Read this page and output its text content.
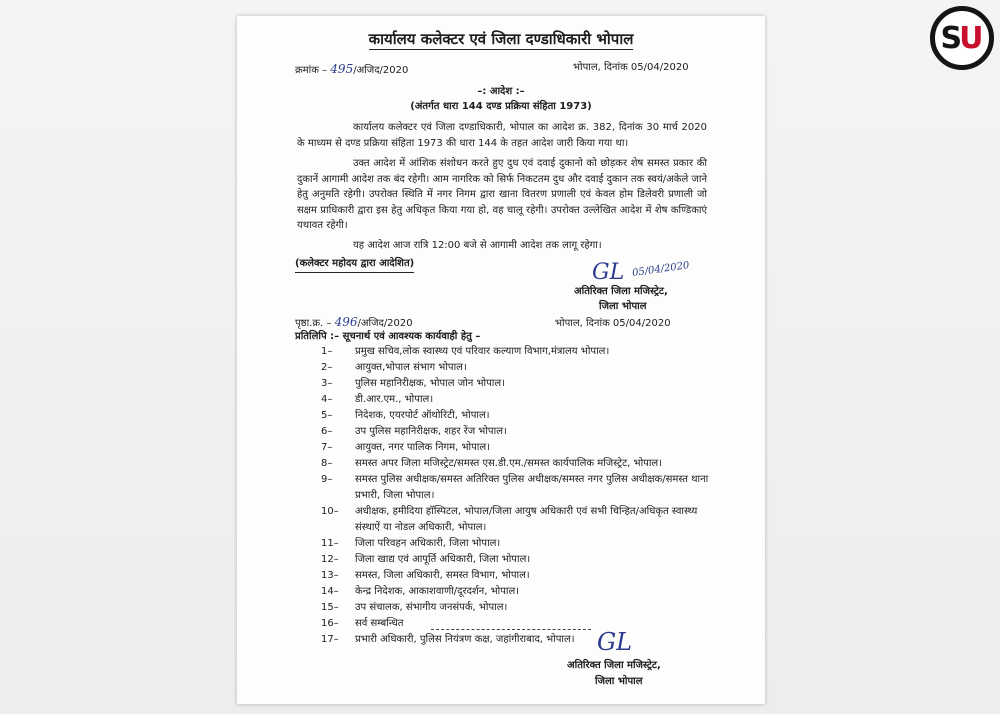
S U
कार्यालय कलेक्टर एवं जिला दण्डाधिकारी भोपाल
क्रमांक – 495/अजिद/2020	भोपाल, दिनांक 05/04/2020
–: आदेश :–
(अंतर्गत धारा 144 दण्ड प्रक्रिया संहिता 1973)
कार्यालय कलेक्टर एवं जिला दण्डाधिकारी, भोपाल का आदेश क्र. 382, दिनांक 30 मार्च 2020 के माध्यम से दण्ड प्रक्रिया संहिता 1973 की धारा 144 के तहत आदेश जारी किया गया था।
उक्त आदेश में आंशिक संशोधन करते हुए दुध एवं दवाई दुकानो को छोड़कर शेष समस्त प्रकार की दुकानें आगामी आदेश तक बंद रहेगी। आम नागरिक को सिर्फ निकटतम दुध और दवाई दुकान तक स्वयं/अकेले जाने हेतु अनुमति रहेगी। उपरोक्त स्थिति में नगर निगम द्वारा खाना वितरण प्रणाली एवं केवल होम डिलेवरी प्रणाली जो सक्षम प्राधिकारी द्वारा इस हेतु अधिकृत किया गया हो, वह चालू रहेगी। उपरोक्त उल्लेखित आदेश में शेष कण्डिकाएं यथावत रहेगी।
यह आदेश आज रात्रि 12:00 बजे से आगामी आदेश तक लागू रहेगा।
(कलेक्टर महोदय द्वारा आदेशित)	GL 05/04/2020
अतिरिक्त जिला मजिस्ट्रेट,
जिला भोपाल
पृष्ठा.क्र. – 496/अजिद/2020	भोपाल, दिनांक 05/04/2020
प्रतिलिपि :– सूचनार्थ एवं आवश्यक कार्यवाही हेतु –
1– प्रमुख सचिव,लोक स्वास्थ्य एवं परिवार कल्याण विभाग,मंत्रालय भोपाल।
2– आयुक्त,भोपाल संभाग भोपाल।
3– पुलिस महानिरीक्षक, भोपाल जोन भोपाल।
4– डी.आर.एम., भोपाल।
5– निदेशक, एयरपोर्ट ऑथोरिटी, भोपाल।
6– उप पुलिस महानिरीक्षक, शहर रेंज भोपाल।
7– आयुक्त, नगर पालिक निगम, भोपाल।
8– समस्त अपर जिला मजिस्ट्रेट/समस्त एस.डी.एम./समस्त कार्यपालिक मजिस्ट्रेट, भोपाल।
9– समस्त पुलिस अधीक्षक/समस्त अतिरिक्त पुलिस अधीक्षक/समस्त नगर पुलिस अधीक्षक/समस्त थाना प्रभारी, जिला भोपाल।
10– अधीक्षक, हमीदिया हॉस्पिटल, भोपाल/जिला आयुष अधिकारी एवं सभी चिन्हित/अधिकृत स्वास्थ्य संस्थाऐं या नोडल अधिकारी, भोपाल।
11– जिला परिवहन अधिकारी, जिला भोपाल।
12– जिला खाद्य एवं आपूर्ति अधिकारी, जिला भोपाल।
13– समस्त, जिला अधिकारी, समस्त विभाग, भोपाल।
14– केन्द्र निदेशक, आकाशवाणी/दूरदर्शन, भोपाल।
15– उप संचालक, संभागीय जनसंपर्क, भोपाल।
16– सर्व सम्बन्धित
17– प्रभारी अधिकारी, पुलिस नियंत्रण कक्ष, जहांगीराबाद, भोपाल। GL
अतिरिक्त जिला मजिस्ट्रेट,
जिला भोपाल
